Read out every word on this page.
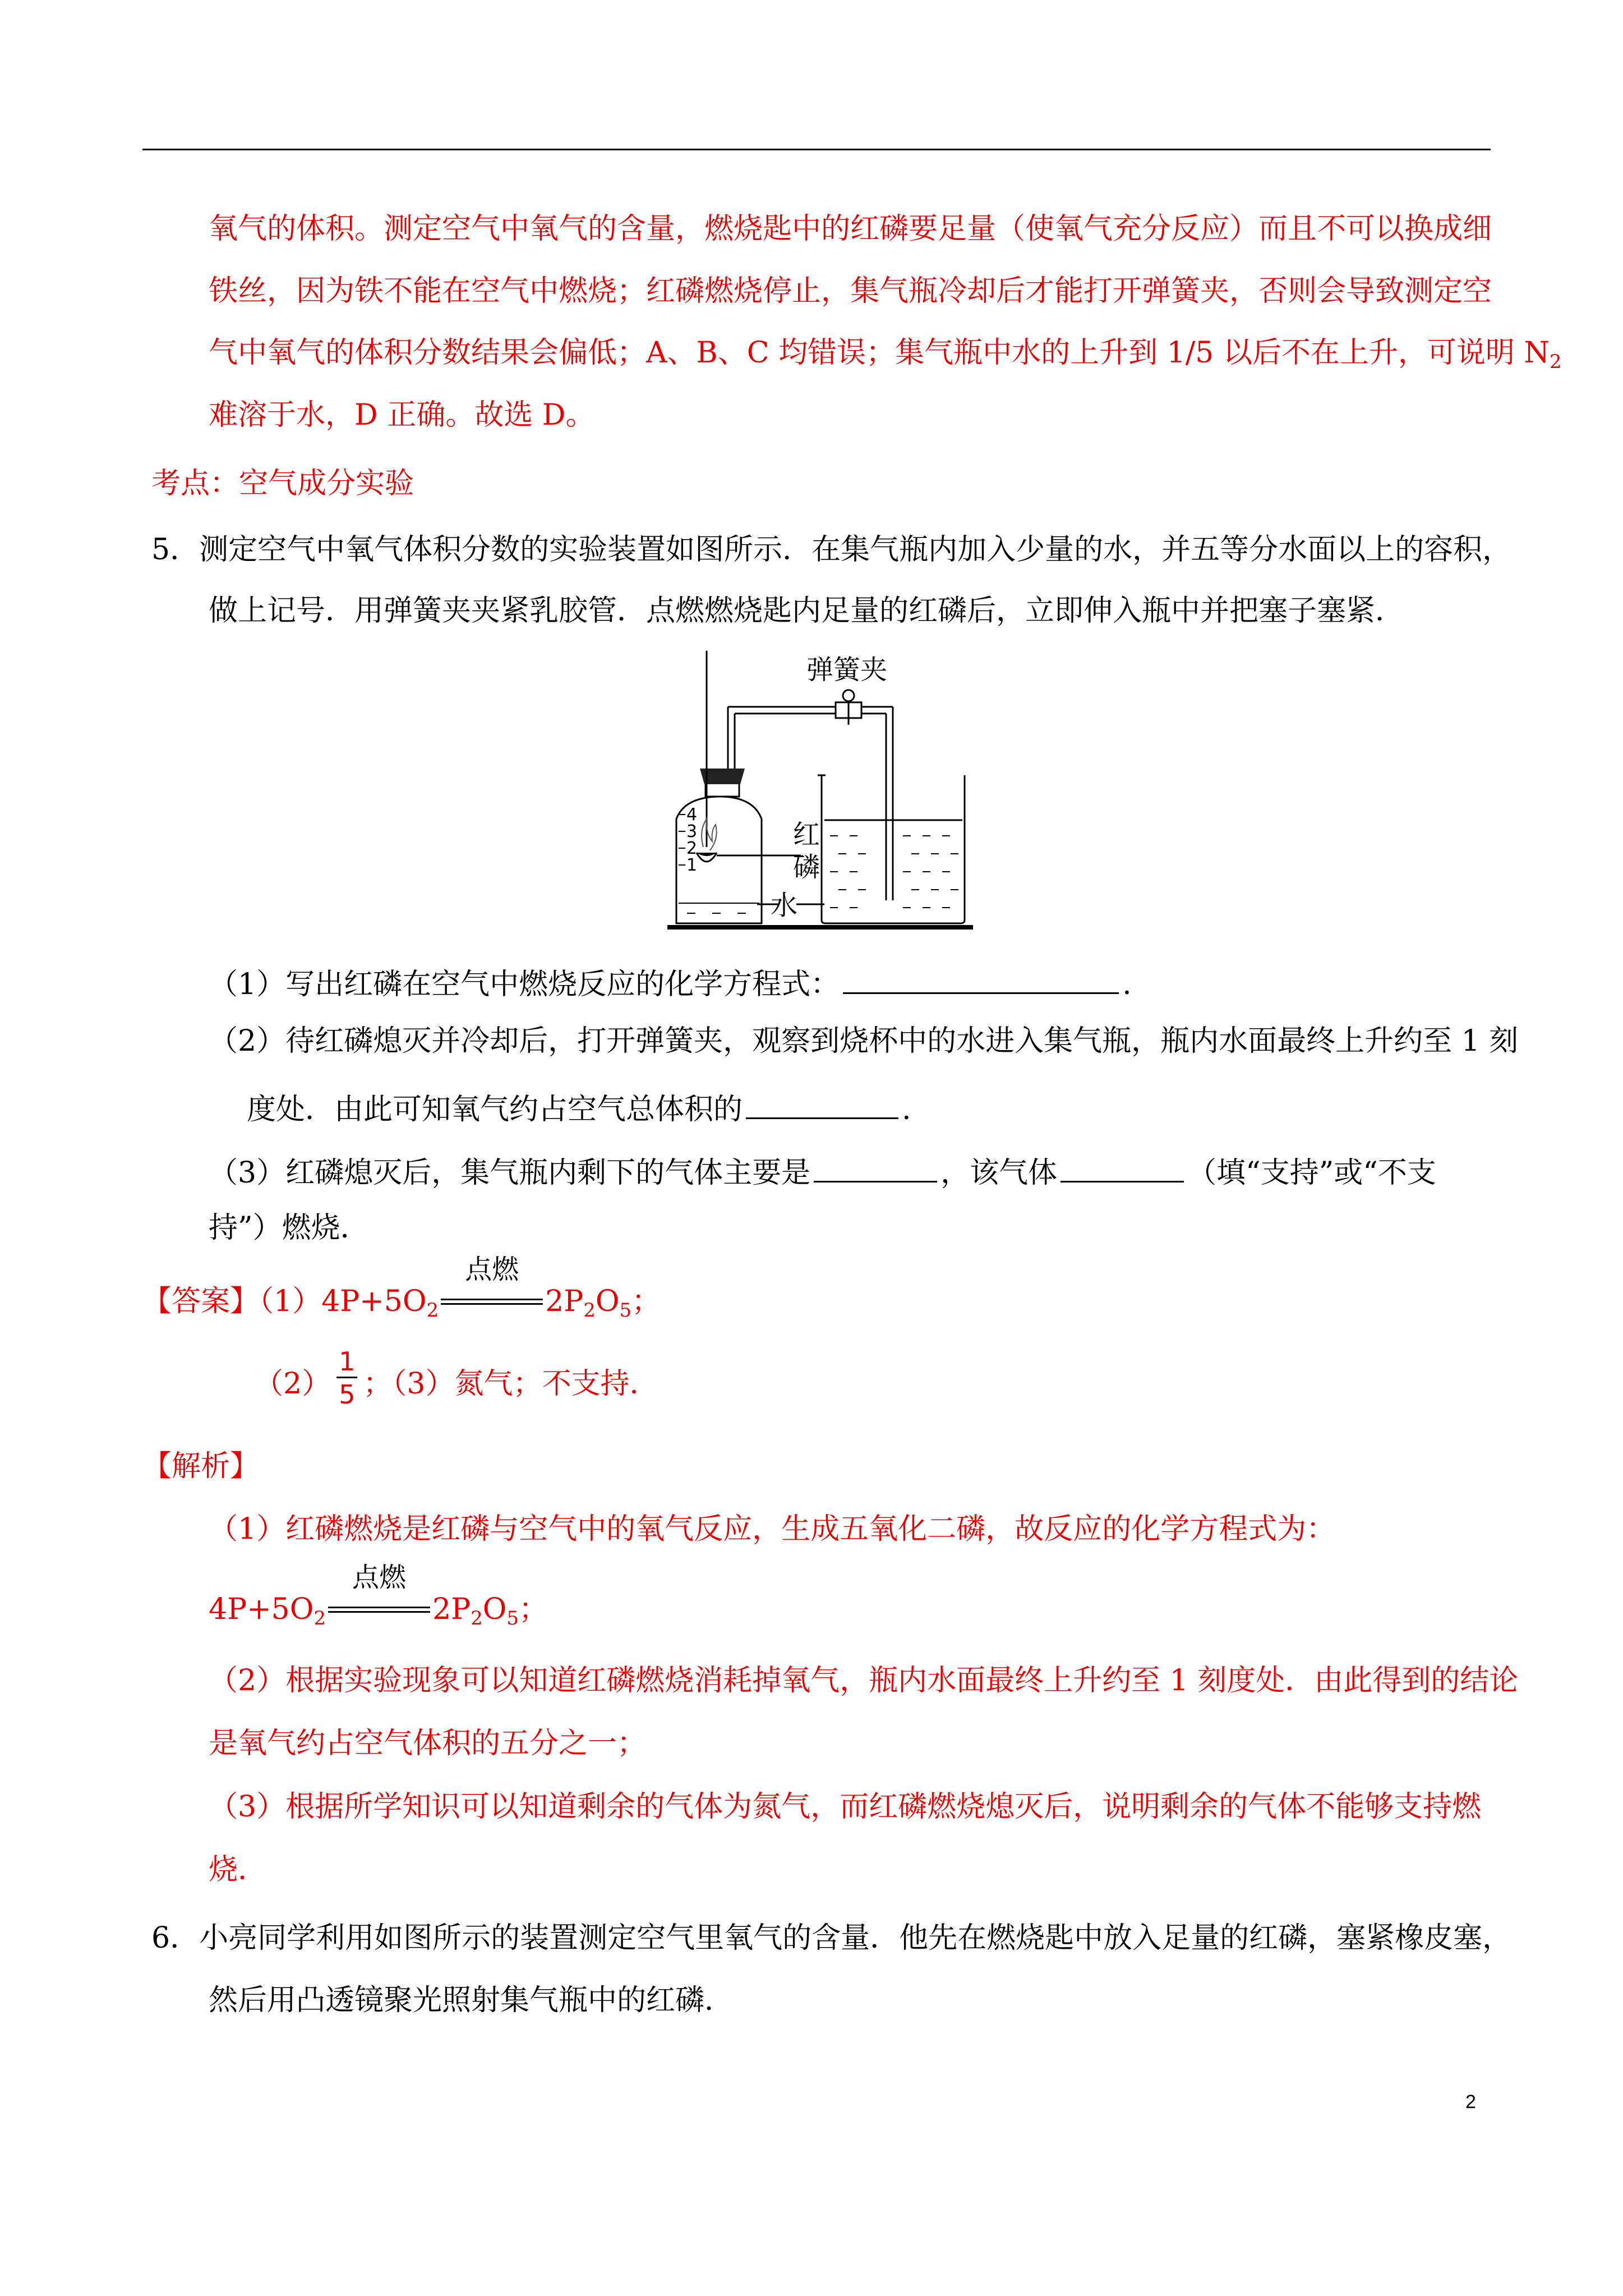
氧气的体积。测定空气中氧气的含量，燃烧匙中的红磷要足量（使氧气充分反应）而且不可以换成细
铁丝，因为铁不能在空气中燃烧；红磷燃烧停止，集气瓶冷却后才能打开弹簧夹，否则会导致测定空
气中氧气的体积分数结果会偏低；A、B、C 均错误；集气瓶中水的上升到 1/5 以后不在上升，可说明 $N_2$
难溶于水，D 正确。故选 D。
考点：空气成分实验
5．测定空气中氧气体积分数的实验装置如图所示．在集气瓶内加入少量的水，并五等分水面以上的容积，
做上记号．用弹簧夹夹紧乳胶管．点燃燃烧匙内足量的红磷后，立即伸入瓶中并把塞子塞紧．
4
3
2
1
弹簧夹
红
磷
水
（1）写出红磷在空气中燃烧反应的化学方程式：	.
（2）待红磷熄灭并冷却后，打开弹簧夹，观察到烧杯中的水进入集气瓶，瓶内水面最终上升约至 1 刻
度处．由此可知氧气约占空气总体积的	.
（3）红磷熄灭后，集气瓶内剩下的气体主要是	，该气体	（填“支持”或“不支
持”）燃烧．
【答案】$(1)4P+5O_2$
点燃
$2P_2O_5$；
$(2) \frac{1}{5}$ ；（3）氮气；不支持．
【解析】
（1）红磷燃烧是红磷与空气中的氧气反应，生成五氧化二磷，故反应的化学方程式为：
$4P+5O_2$
点燃
$2P_2O_5$；
（2）根据实验现象可以知道红磷燃烧消耗掉氧气，瓶内水面最终上升约至 1 刻度处．由此得到的结论
是氧气约占空气体积的五分之一；
（3）根据所学知识可以知道剩余的气体为氮气，而红磷燃烧熄灭后，说明剩余的气体不能够支持燃
烧．
6．小亮同学利用如图所示的装置测定空气里氧气的含量．他先在燃烧匙中放入足量的红磷，塞紧橡皮塞，
然后用凸透镜聚光照射集气瓶中的红磷．
2
